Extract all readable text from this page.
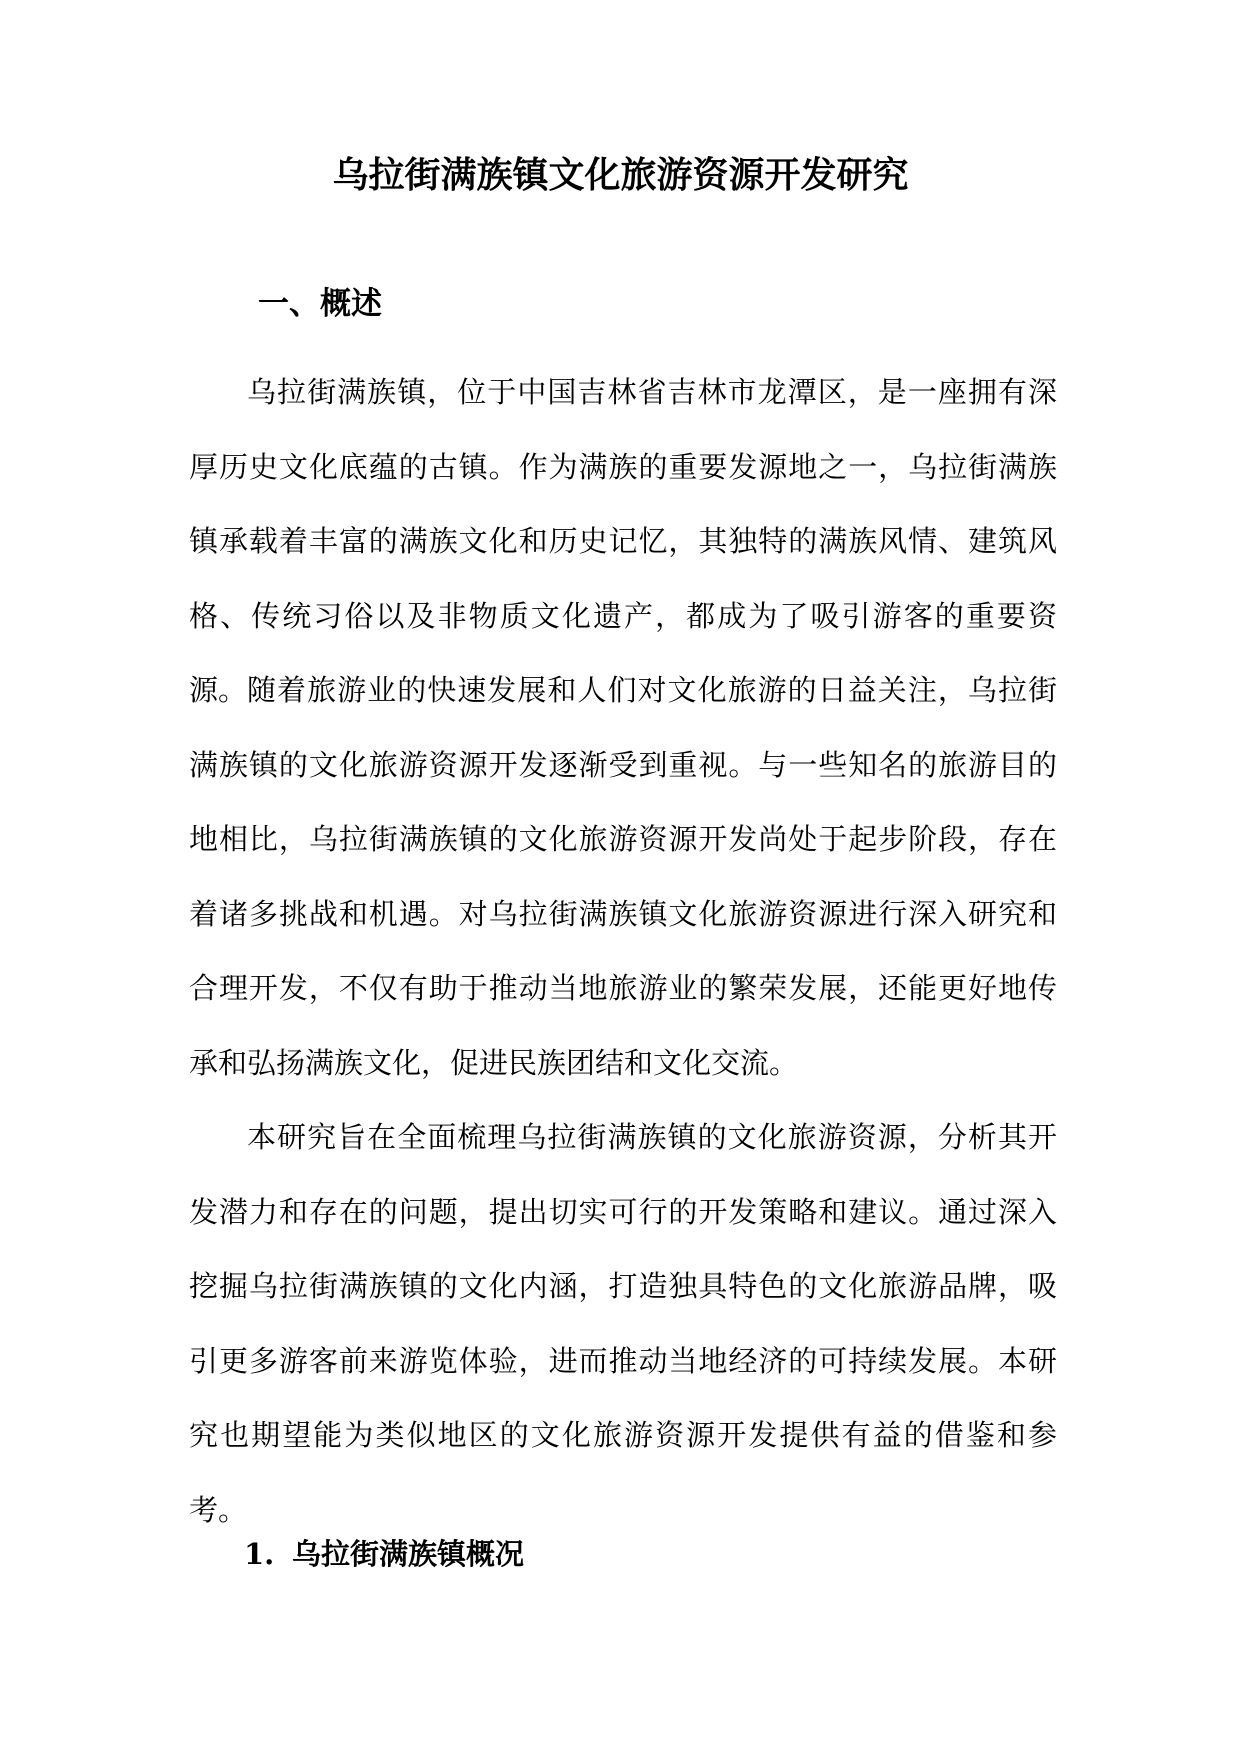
乌拉街满族镇文化旅游资源开发研究
一、概述

乌拉街满族镇，位于中国吉林省吉林市龙潭区，是一座拥有深厚历史文化底蕴的古镇。作为满族的重要发源地之一，乌拉街满族镇承载着丰富的满族文化和历史记忆，其独特的满族风情、建筑风格、传统习俗以及非物质文化遗产，都成为了吸引游客的重要资源。 随着旅游业的快速发展和人们对文化旅游的日益关注，乌拉街满族镇的文化旅游资源开发逐渐受到重视。与一些知名的旅游目的地相比，乌拉街满族镇的文化旅游资源开发尚处于起步阶段，存在着诸多挑战和机遇。对乌拉街满族镇文化旅游资源进行深入研究和合理开发，不仅有助于推动当地旅游业的繁荣发展，还能更好地传承和弘扬满族文化，促进民族团结和文化交流。

本研究旨在全面梳理乌拉街满族镇的文化旅游资源，分析其开发潜力和存在的问题，提出切实可行的开发策略和建议。通过深入挖掘乌拉街满族镇的文化内涵，打造独具特色的文化旅游品牌，吸引更多游客前来游览体验，进而推动当地经济的可持续发展。本研究也期望能为类似地区的文化旅游资源开发提供有益的借鉴和参考。

1. 乌拉街满族镇概况
